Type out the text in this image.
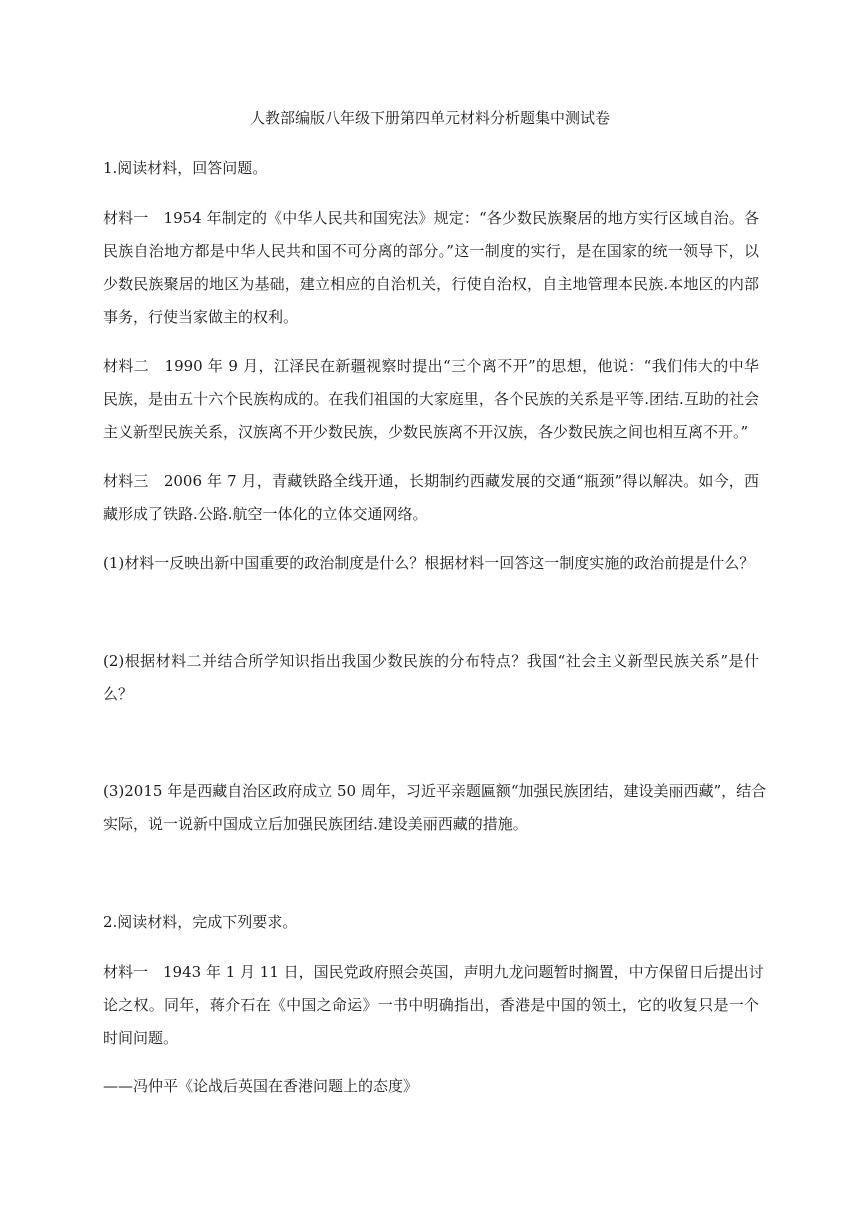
人教部编版八年级下册第四单元材料分析题集中测试卷
1.阅读材料，回答问题。
材料一　1954 年制定的《中华人民共和国宪法》规定：“各少数民族聚居的地方实行区域自治。各
民族自治地方都是中华人民共和国不可分离的部分。”这一制度的实行，是在国家的统一领导下，以
少数民族聚居的地区为基础，建立相应的自治机关，行使自治权，自主地管理本民族.本地区的内部
事务，行使当家做主的权利。
材料二　1990 年 9 月，江泽民在新疆视察时提出“三个离不开”的思想，他说：“我们伟大的中华
民族，是由五十六个民族构成的。在我们祖国的大家庭里，各个民族的关系是平等.团结.互助的社会
主义新型民族关系，汉族离不开少数民族，少数民族离不开汉族，各少数民族之间也相互离不开。”
材料三　2006 年 7 月，青藏铁路全线开通，长期制约西藏发展的交通“瓶颈”得以解决。如今，西
藏形成了铁路.公路.航空一体化的立体交通网络。
(1)材料一反映出新中国重要的政治制度是什么？根据材料一回答这一制度实施的政治前提是什么？
(2)根据材料二并结合所学知识指出我国少数民族的分布特点？我国“社会主义新型民族关系”是什
么？
(3)2015 年是西藏自治区政府成立 50 周年，习近平亲题匾额“加强民族团结，建设美丽西藏”，结合
实际，说一说新中国成立后加强民族团结.建设美丽西藏的措施。
2.阅读材料，完成下列要求。
材料一　1943 年 1 月 11 日，国民党政府照会英国，声明九龙问题暂时搁置，中方保留日后提出讨
论之权。同年，蒋介石在《中国之命运》一书中明确指出，香港是中国的领土，它的收复只是一个
时间问题。
——冯仲平《论战后英国在香港问题上的态度》
